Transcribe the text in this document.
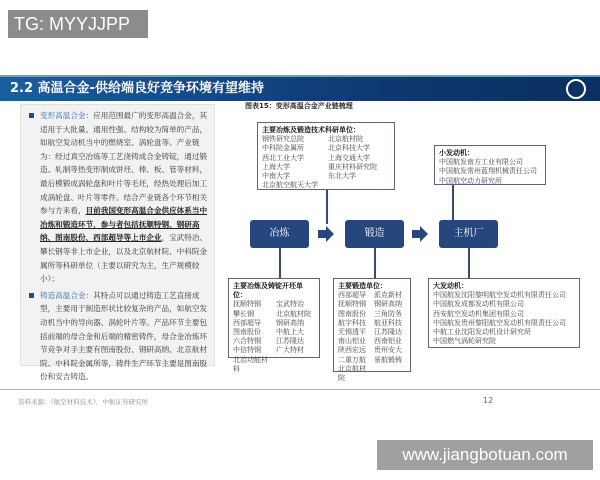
TG: MYYJJPP
2.2 高温合金-供给端良好竞争环境有望维持
变形高温合金：应用范围最广的变形高温合金，其适用于大批量、通用性强、结构较为简单的产品，如航空发动机当中的燃烧室、涡轮盘等。产业链为：经过真空冶炼等工艺浇铸成合金铸锭，通过锻造、轧制等热变形制成饼坯、棒、板、管等材料，最后模锻成涡轮盘和叶片等毛坯，经热处理后加工成涡轮盘、叶片等零件。结合产业链各个环节相关参与方来看，目前我国变形高温合金供应体系当中冶炼和锻造环节，参与者包括抚顺特钢、钢研高纳、图南股份、西部超导等上市企业，宝武特冶、攀长钢等非上市企业，以及北京航材院、中科院金属所等科研单位（主要以研究为主，生产规模较小）；
铸造高温合金：其特点可以通过铸造工艺直接成型，主要用于制造形状比较复杂的产品，如航空发动机当中的导向器、涡轮叶片等。产品环节主要包括前端的母合金和后端的精密铸件，母合金冶炼环节竞争对手主要有图南股份、钢研高纳、北京航材院、中科院金属所等，铸件生产环节主要是图南股份和安吉铸造。
图表15：变形高温合金产业链梳理
主要冶炼及锻造技术科研单位：
钢铁研究总院	北京航材院
中科院金属所	北京科技大学
西北工业大学	上海交通大学
上海大学	重庆材料研究院
中南大学	东北大学
北京航空航天大学
小发动机：
中国航发南方工业有限公司
中国航发常州蓝翔机械责任公司
中国航空动力研究所
冶炼	锻造	主机厂
主要冶炼及铸锭开坯单位：
抚顺特钢	宝武特冶
攀长钢	北京航材院
西部超导	钢研高纳
图南股份	中航上大
六合特钢	江苏隆达
中信特钢	广大特材
北冶功能材料
主要锻造单位：
西部超导	派克新材
抚顺特钢	钢研高纳
图南股份	三角防务
航宇科技	航亚科技
无锡透平	江苏隆达
南山铝业	西南铝业
陕西宏远	贵州安大
二重万航	景航锻铸
北京航材院
大发动机：
中国航发沈阳黎明航空发动机有限责任公司
中国航发成都发动机有限公司
西安航空发动机集团有限公司
中国航发贵州黎阳航空发动机有限责任公司
中航工业沈阳发动机设计研究所
中国燃气涡轮研究院
资料来源：《航空材料技术》，中航证券研究所	12
www.jiangbotuan.com
